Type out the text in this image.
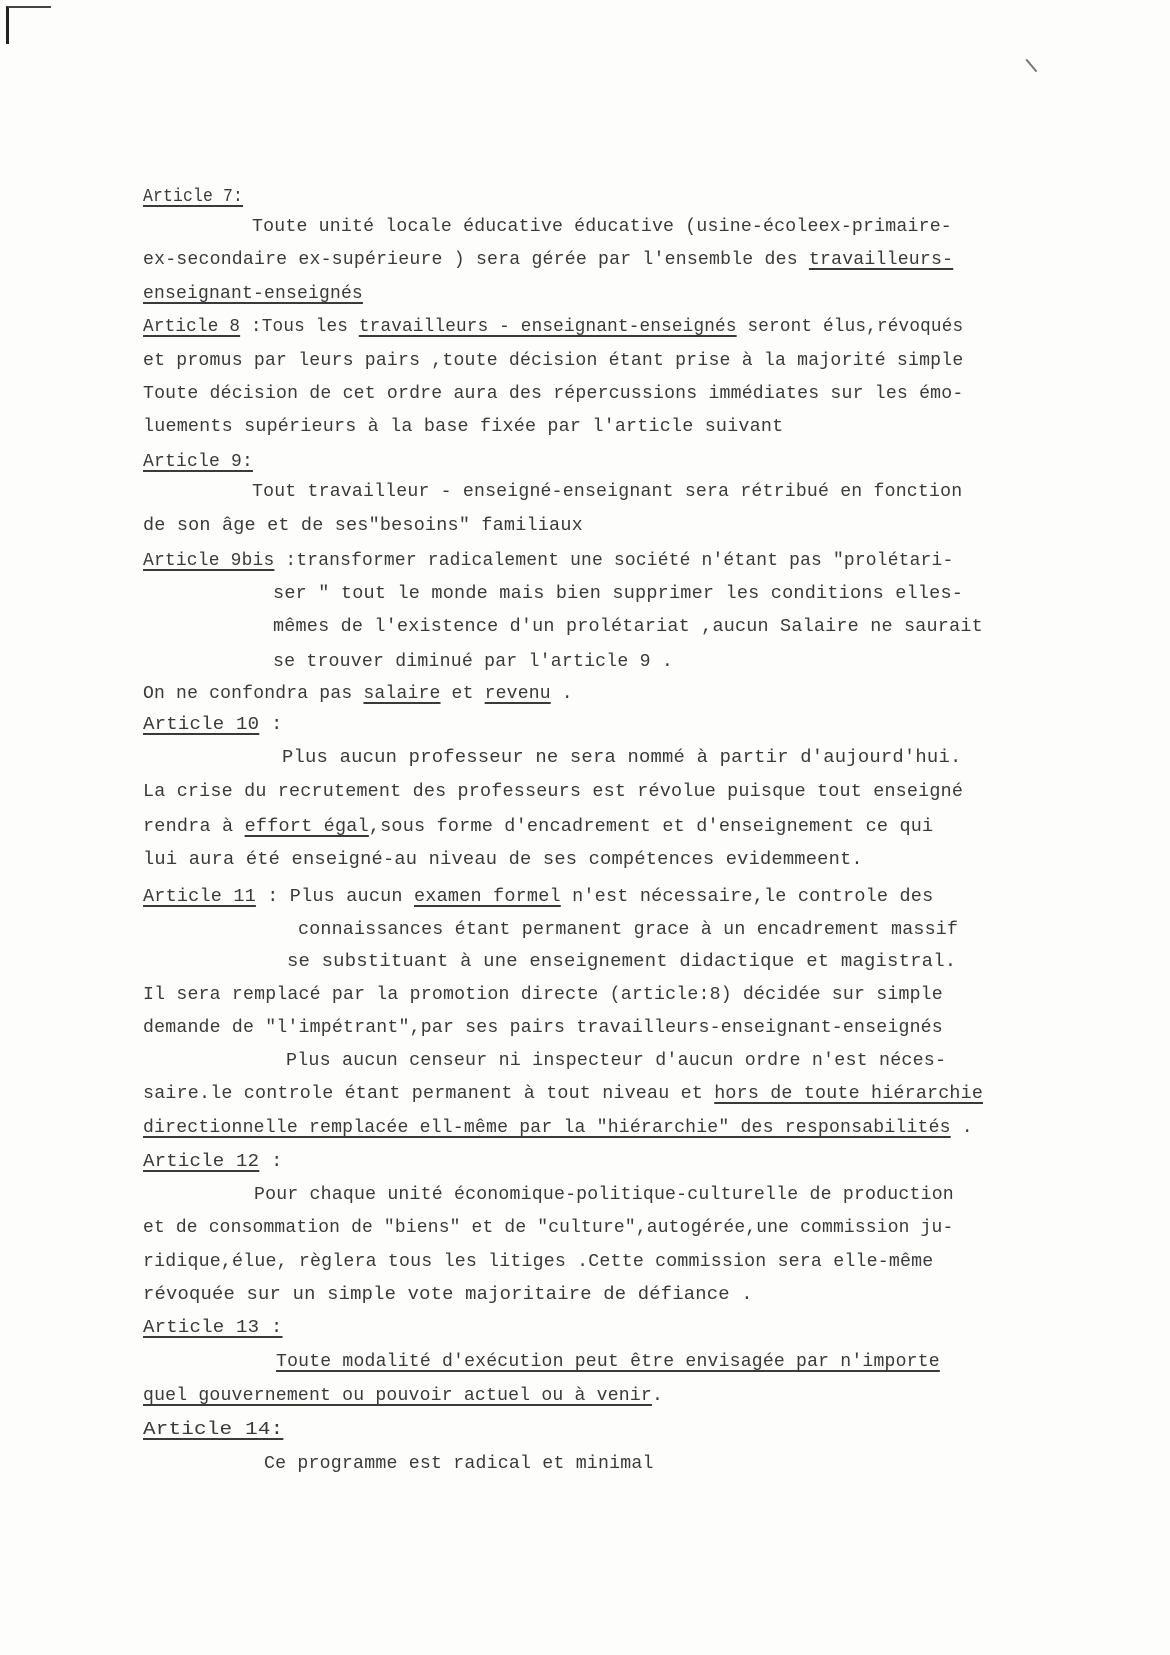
Article 7:
Toute unité locale éducative éducative (usine-écoleex-primaire-
ex-secondaire ex-supérieure ) sera gérée par l'ensemble des travailleurs-
enseignant-enseignés
Article 8 :Tous les travailleurs - enseignant-enseignés seront élus,révoqués
et promus par leurs pairs ,toute décision étant prise à la majorité simple
Toute décision de cet ordre aura des répercussions immédiates sur les émo-
luements supérieurs à la base fixée par l'article suivant
Article 9:
Tout travailleur - enseigné-enseignant sera rétribué en fonction
de son âge et de ses"besoins" familiaux
Article 9bis :transformer radicalement une société n'étant pas "prolétari-
ser " tout le monde mais bien supprimer les conditions elles-
mêmes de l'existence d'un prolétariat ,aucun Salaire ne saurait
se trouver diminué par l'article 9 .
On ne confondra pas salaire et revenu .
Article 10 :
Plus aucun professeur ne sera nommé à partir d'aujourd'hui.
La crise du recrutement des professeurs est révolue puisque tout enseigné
rendra à effort égal,sous forme d'encadrement et d'enseignement ce qui
lui aura été enseigné-au niveau de ses compétences evidemmeent.
Article 11 : Plus aucun examen formel n'est nécessaire,le controle des
connaissances étant permanent grace à un encadrement massif
se substituant à une enseignement didactique et magistral.
Il sera remplacé par la promotion directe (article:8) décidée sur simple
demande de "l'impétrant",par ses pairs travailleurs-enseignant-enseignés
Plus aucun censeur ni inspecteur d'aucun ordre n'est néces-
saire.le controle étant permanent à tout niveau et hors de toute hiérarchie
directionnelle remplacée ell-même par la "hiérarchie" des responsabilités .
Article 12 :
Pour chaque unité économique-politique-culturelle de production
et de consommation de "biens" et de "culture",autogérée,une commission ju-
ridique,élue, règlera tous les litiges .Cette commission sera elle-même
révoquée sur un simple vote majoritaire de défiance .
Article 13 :
Toute modalité d'exécution peut être envisagée par n'importe
quel gouvernement ou pouvoir actuel ou à venir.
Article 14:
Ce programme est radical et minimal
